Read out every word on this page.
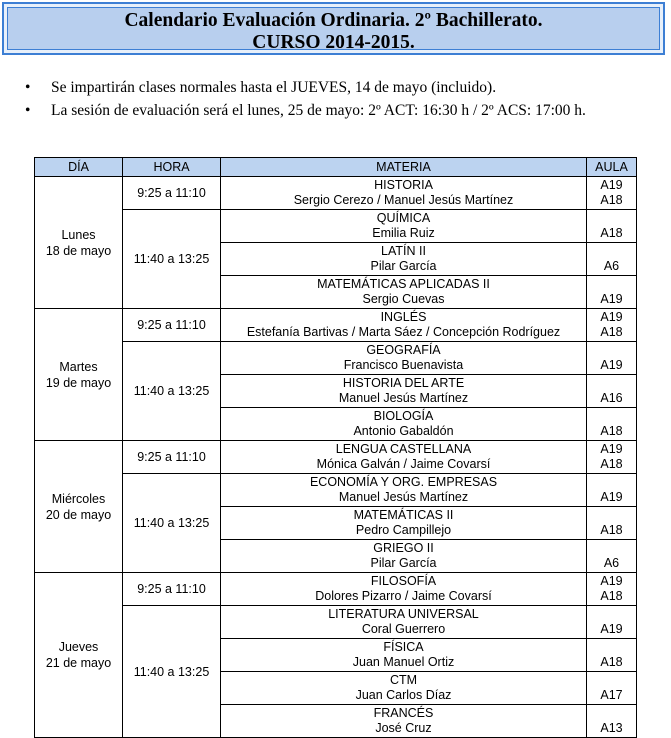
Calendario Evaluación Ordinaria. 2º Bachillerato.
CURSO 2014-2015.
• Se impartirán clases normales hasta el JUEVES, 14 de mayo (incluido).
• La sesión de evaluación será el lunes, 25 de mayo: 2º ACT: 16:30 h / 2º ACS: 17:00 h.
DÍA	HORA	MATERIA	AULA

Lunes
18 de mayo	9:25 a 11:10	HISTORIA
Sergio Cerezo / Manuel Jesús Martínez	A19
A18

	11:40 a 13:25	QUÍMICA
Emilia Ruiz	A18

		LATÍN II
Pilar García	A6

		MATEMÁTICAS APLICADAS II
Sergio Cuevas	A19

Martes
19 de mayo	9:25 a 11:10	INGLÉS
Estefanía Bartivas / Marta Sáez / Concepción Rodríguez	A19
A18

	11:40 a 13:25	GEOGRAFÍA
Francisco Buenavista	A19

		HISTORIA DEL ARTE
Manuel Jesús Martínez	A16

		BIOLOGÍA
Antonio Gabaldón	A18

Miércoles
20 de mayo	9:25 a 11:10	LENGUA CASTELLANA
Mónica Galván / Jaime Covarsí	A19
A18

	11:40 a 13:25	ECONOMÍA Y ORG. EMPRESAS
Manuel Jesús Martínez	A19

		MATEMÁTICAS II
Pedro Campillejo	A18

		GRIEGO II
Pilar García	A6

Jueves
21 de mayo	9:25 a 11:10	FILOSOFÍA
Dolores Pizarro / Jaime Covarsí	A19
A18

	11:40 a 13:25	LITERATURA UNIVERSAL
Coral Guerrero	A19

		FÍSICA
Juan Manuel Ortiz	A18

		CTM
Juan Carlos Díaz	A17

		FRANCÉS
José Cruz	A13
